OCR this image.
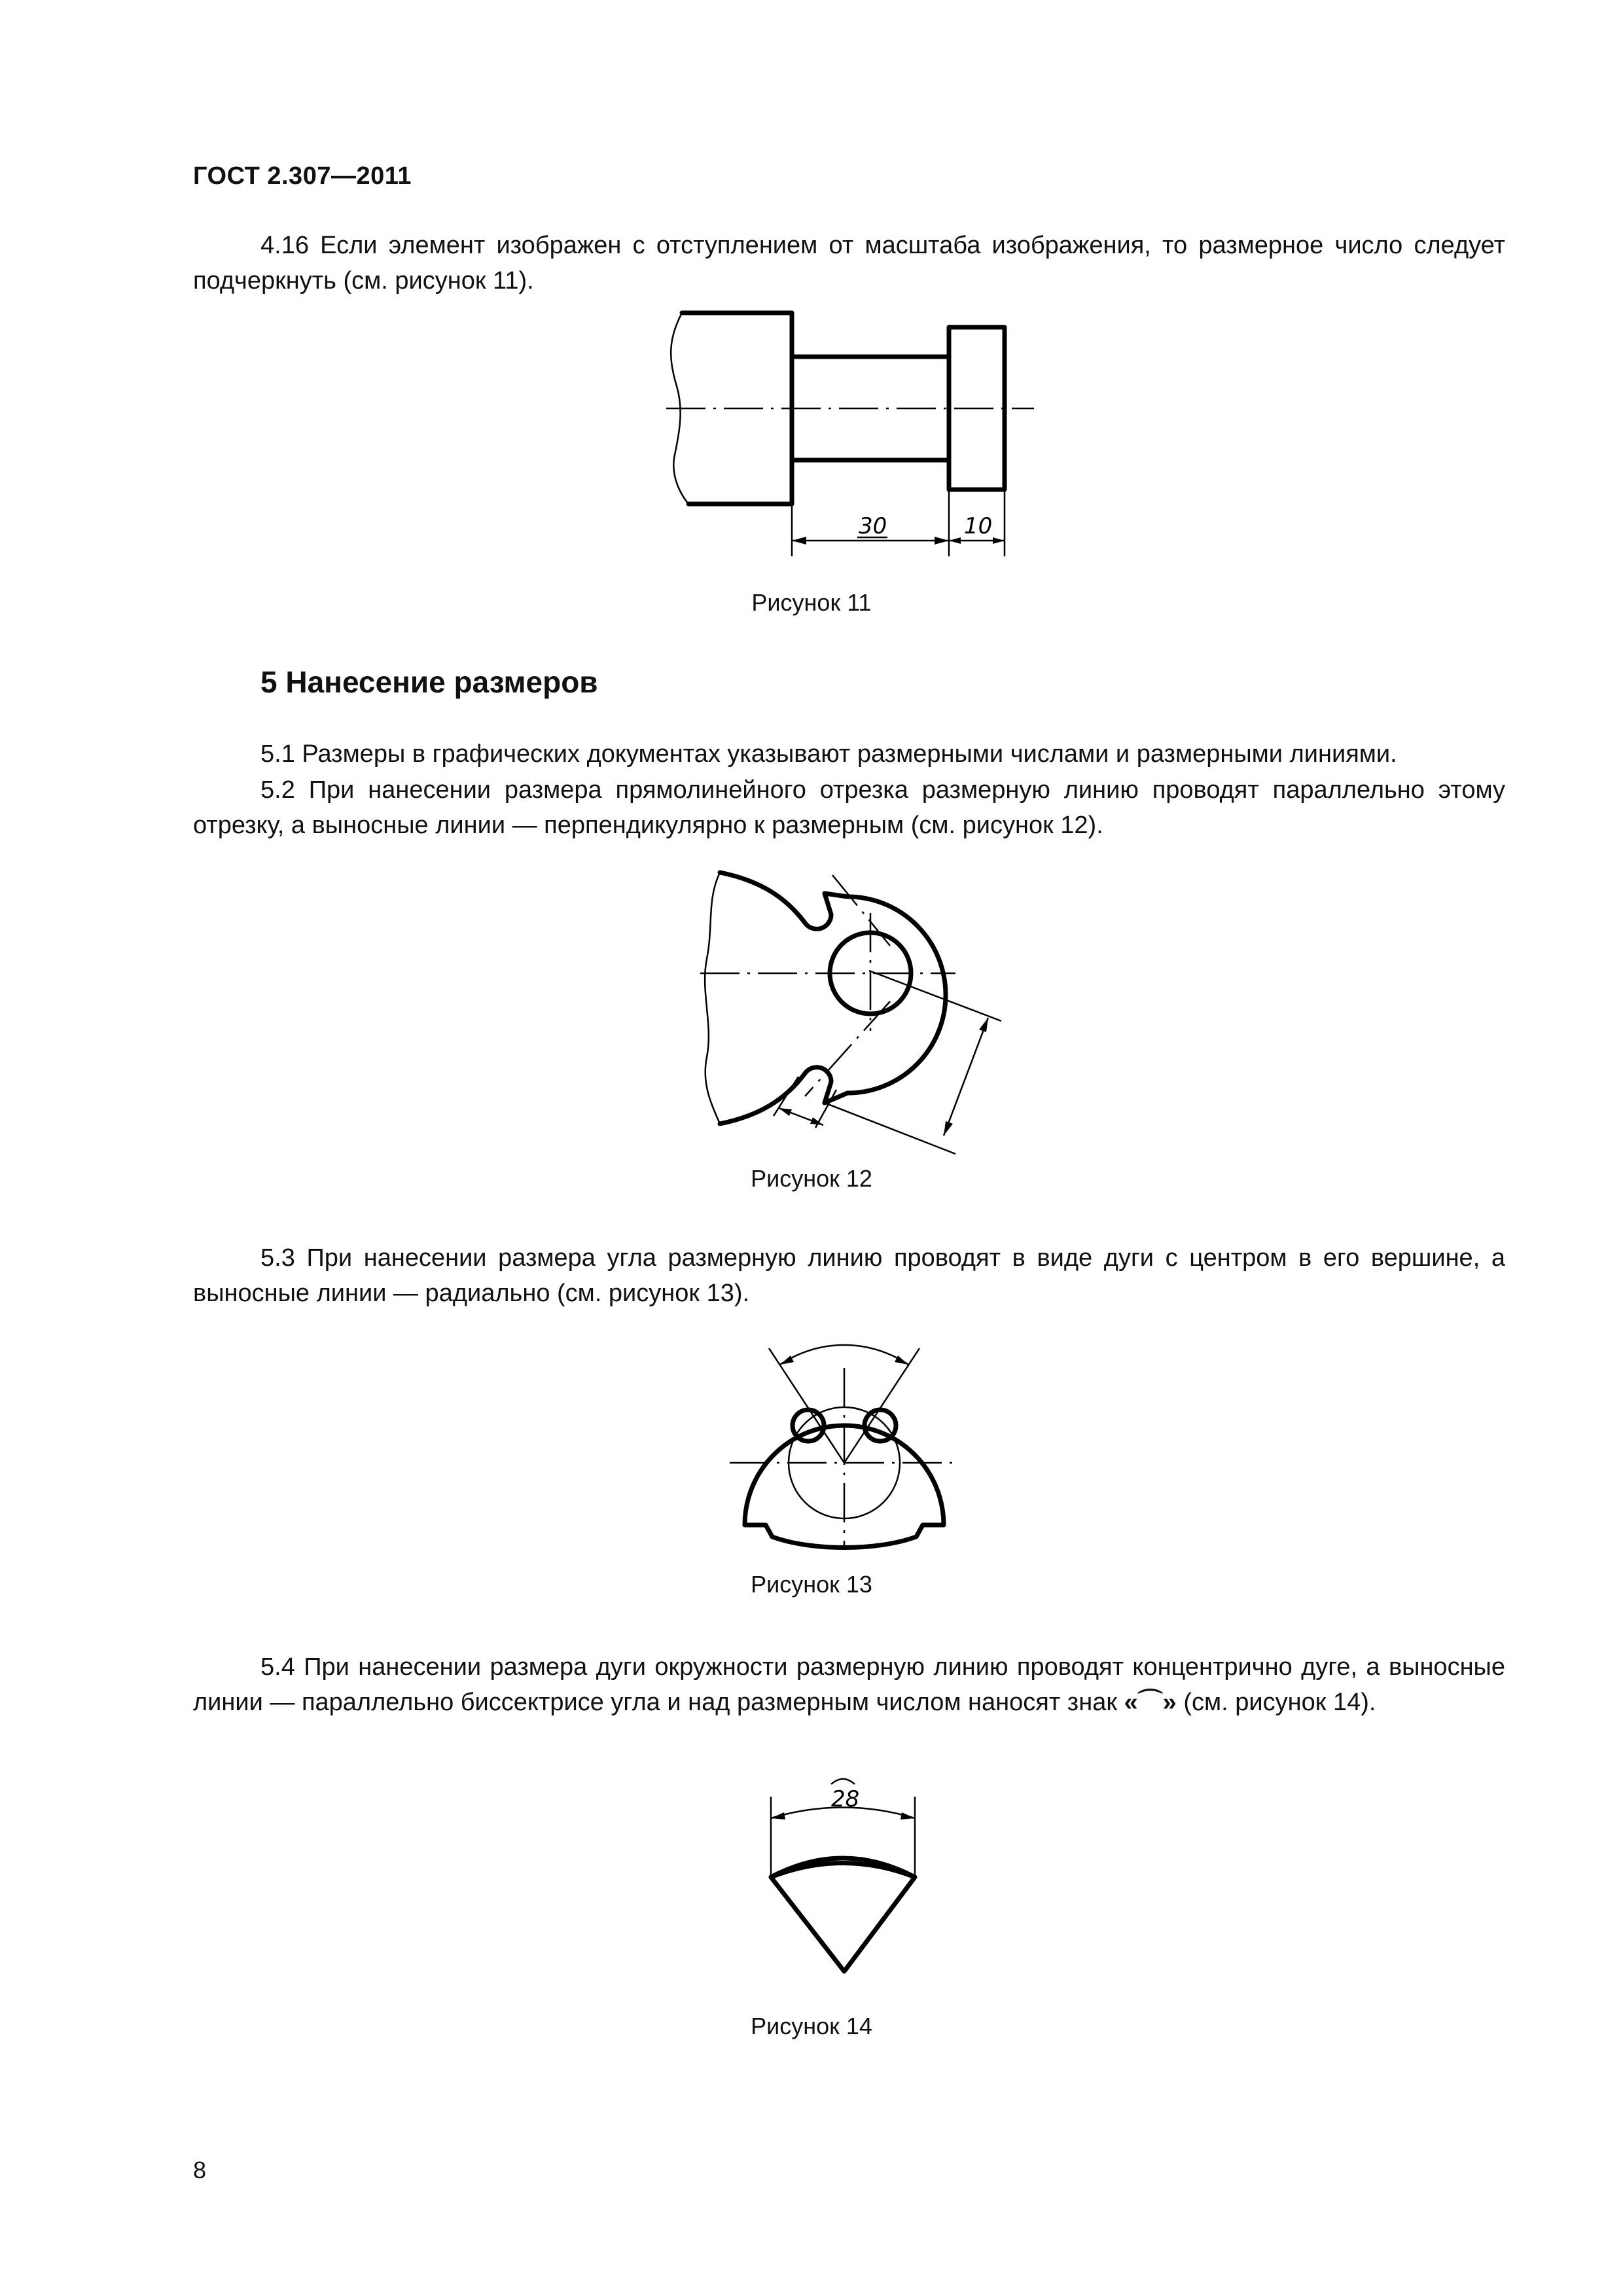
ГОСТ 2.307—2011
4.16 Если элемент изображен с отступлением от масштаба изображения, то размерное число следует подчеркнуть (см. рисунок 11).
30	10
Рисунок 11
5 Нанесение размеров
5.1 Размеры в графических документах указывают размерными числами и размерными линиями.
5.2 При нанесении размера прямолинейного отрезка размерную линию проводят параллельно этому отрезку, а выносные линии — перпендикулярно к размерным (см. рисунок 12).
Рисунок 12
5.3 При нанесении размера угла размерную линию проводят в виде дуги с центром в его вершине, а выносные линии — радиально (см. рисунок 13).
Рисунок 13
5.4 При нанесении размера дуги окружности размерную линию проводят концентрично дуге, а выносные линии — параллельно биссектрисе угла и над размерным числом наносят знак «⌒» (см. рисунок 14).
28
Рисунок 14
8
